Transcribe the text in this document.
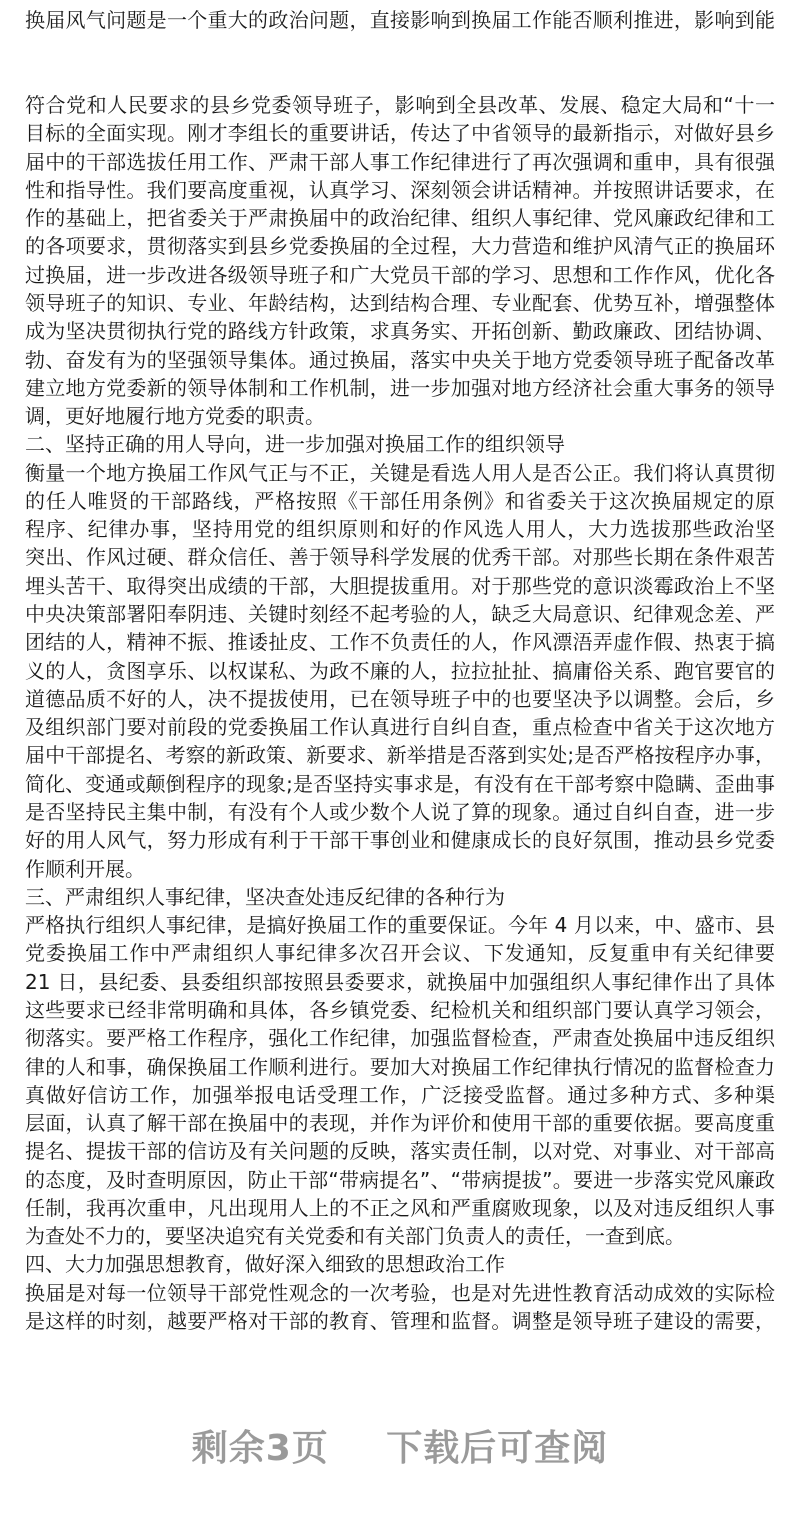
换届风气问题是一个重大的政治问题，直接影响到换届工作能否顺利推进，影响到能
符合党和人民要求的县乡党委领导班子，影响到全县改革、发展、稳定大局和“十一
目标的全面实现。刚才李组长的重要讲话，传达了中省领导的最新指示，对做好县乡
届中的干部选拔任用工作、严肃干部人事工作纪律进行了再次强调和重申，具有很强
性和指导性。我们要高度重视，认真学习、深刻领会讲话精神。并按照讲话要求，在
作的基础上，把省委关于严肃换届中的政治纪律、组织人事纪律、党风廉政纪律和工
的各项要求，贯彻落实到县乡党委换届的全过程，大力营造和维护风清气正的换届环
过换届，进一步改进各级领导班子和广大党员干部的学习、思想和工作作风，优化各
领导班子的知识、专业、年龄结构，达到结构合理、专业配套、优势互补，增强整体
成为坚决贯彻执行党的路线方针政策，求真务实、开拓创新、勤政廉政、团结协调、
勃、奋发有为的坚强领导集体。通过换届，落实中央关于地方党委领导班子配备改革
建立地方党委新的领导体制和工作机制，进一步加强对地方经济社会重大事务的领导
调，更好地履行地方党委的职责。
二、坚持正确的用人导向，进一步加强对换届工作的组织领导
衡量一个地方换届工作风气正与不正，关键是看选人用人是否公正。我们将认真贯彻
的任人唯贤的干部路线，严格按照《干部任用条例》和省委关于这次换届规定的原
程序、纪律办事，坚持用党的组织原则和好的作风选人用人，大力选拔那些政治坚
突出、作风过硬、群众信任、善于领导科学发展的优秀干部。对那些长期在条件艰苦
埋头苦干、取得突出成绩的干部，大胆提拔重用。对于那些党的意识淡霉政治上不坚
中央决策部署阳奉阴违、关键时刻经不起考验的人，缺乏大局意识、纪律观念差、严
团结的人，精神不振、推诿扯皮、工作不负责任的人，作风漂浯弄虚作假、热衷于搞
义的人，贪图享乐、以权谋私、为政不廉的人，拉拉扯扯、搞庸俗关系、跑官要官的
道德品质不好的人，决不提拔使用，已在领导班子中的也要坚决予以调整。会后，乡
及组织部门要对前段的党委换届工作认真进行自纠自查，重点检查中省关于这次地方
届中干部提名、考察的新政策、新要求、新举措是否落到实处;是否严格按程序办事，
简化、变通或颠倒程序的现象;是否坚持实事求是，有没有在干部考察中隐瞒、歪曲事
是否坚持民主集中制，有没有个人或少数个人说了算的现象。通过自纠自查，进一步
好的用人风气，努力形成有利于干部干事创业和健康成长的良好氛围，推动县乡党委
作顺利开展。
三、严肃组织人事纪律，坚决查处违反纪律的各种行为
严格执行组织人事纪律，是搞好换届工作的重要保证。今年 4 月以来，中、盛市、县
党委换届工作中严肃组织人事纪律多次召开会议、下发通知，反复重申有关纪律要
21 日，县纪委、县委组织部按照县委要求，就换届中加强组织人事纪律作出了具体
这些要求已经非常明确和具体，各乡镇党委、纪检机关和组织部门要认真学习领会，
彻落实。要严格工作程序，强化工作纪律，加强监督检查，严肃查处换届中违反组织
律的人和事，确保换届工作顺利进行。要加大对换届工作纪律执行情况的监督检查力
真做好信访工作，加强举报电话受理工作，广泛接受监督。通过多种方式、多种渠
层面，认真了解干部在换届中的表现，并作为评价和使用干部的重要依据。要高度重
提名、提拔干部的信访及有关问题的反映，落实责任制，以对党、对事业、对干部高
的态度，及时查明原因，防止干部“带病提名”、“带病提拔”。要进一步落实党风廉政
任制，我再次重申，凡出现用人上的不正之风和严重腐败现象，以及对违反组织人事
为查处不力的，要坚决追究有关党委和有关部门负责人的责任，一查到底。
四、大力加强思想教育，做好深入细致的思想政治工作
换届是对每一位领导干部党性观念的一次考验，也是对先进性教育活动成效的实际检
是这样的时刻，越要严格对干部的教育、管理和监督。调整是领导班子建设的需要，
剩余3页 下载后可查阅
